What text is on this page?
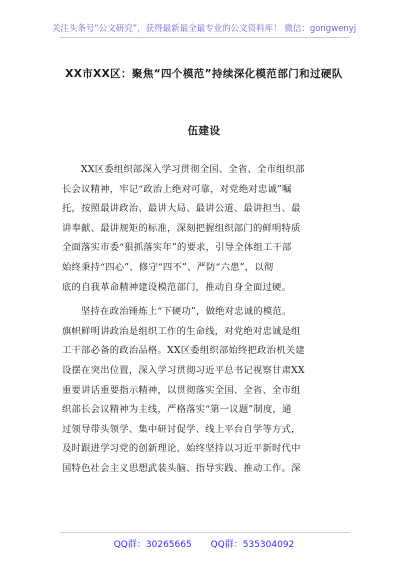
关注头条号“公文研究”，获得最新最全最专业的公文资料库！ 微信：gongwenyj
XX市XX区：聚焦“四个模范”持续深化模范部门和过硬队
伍建设
XX区委组织部深入学习贯彻全国、全省、全市组织部
长会议精神，牢记“政治上绝对可靠，对党绝对忠诚”嘱
托，按照最讲政治、最讲大局、最讲公道、最讲担当、最
讲奉献、最讲规矩的标准，深刻把握组织部门的鲜明特质
全面落实市委“狠抓落实年”的要求，引导全体组工干部
始终秉持“四心”、修守“四不”、严防“六患”，以彻
底的自我革命精神建设模范部门，推动自身全面过硬。
坚持在政治锤炼上“下硬功”，做绝对忠诚的模范。
旗帜鲜明讲政治是组织工作的生命线，对党绝对忠诚是组
工干部必备的政治品格。XX区委组织部始终把政治机关建
设摆在突出位置，深入学习贯彻习近平总书记视察甘肃XX
重要讲话重要指示精神，以贯彻落实全国、全省、全市组
织部长会议精神为主线，严格落实“第一议题”制度，通
过领导带头领学、集中研讨促学、线上平台自学等方式，
及时跟进学习党的创新理论，始终坚持以习近平新时代中
国特色社会主义思想武装头脑、指导实践、推动工作。深
QQ群：30265665 QQ群：535304092
